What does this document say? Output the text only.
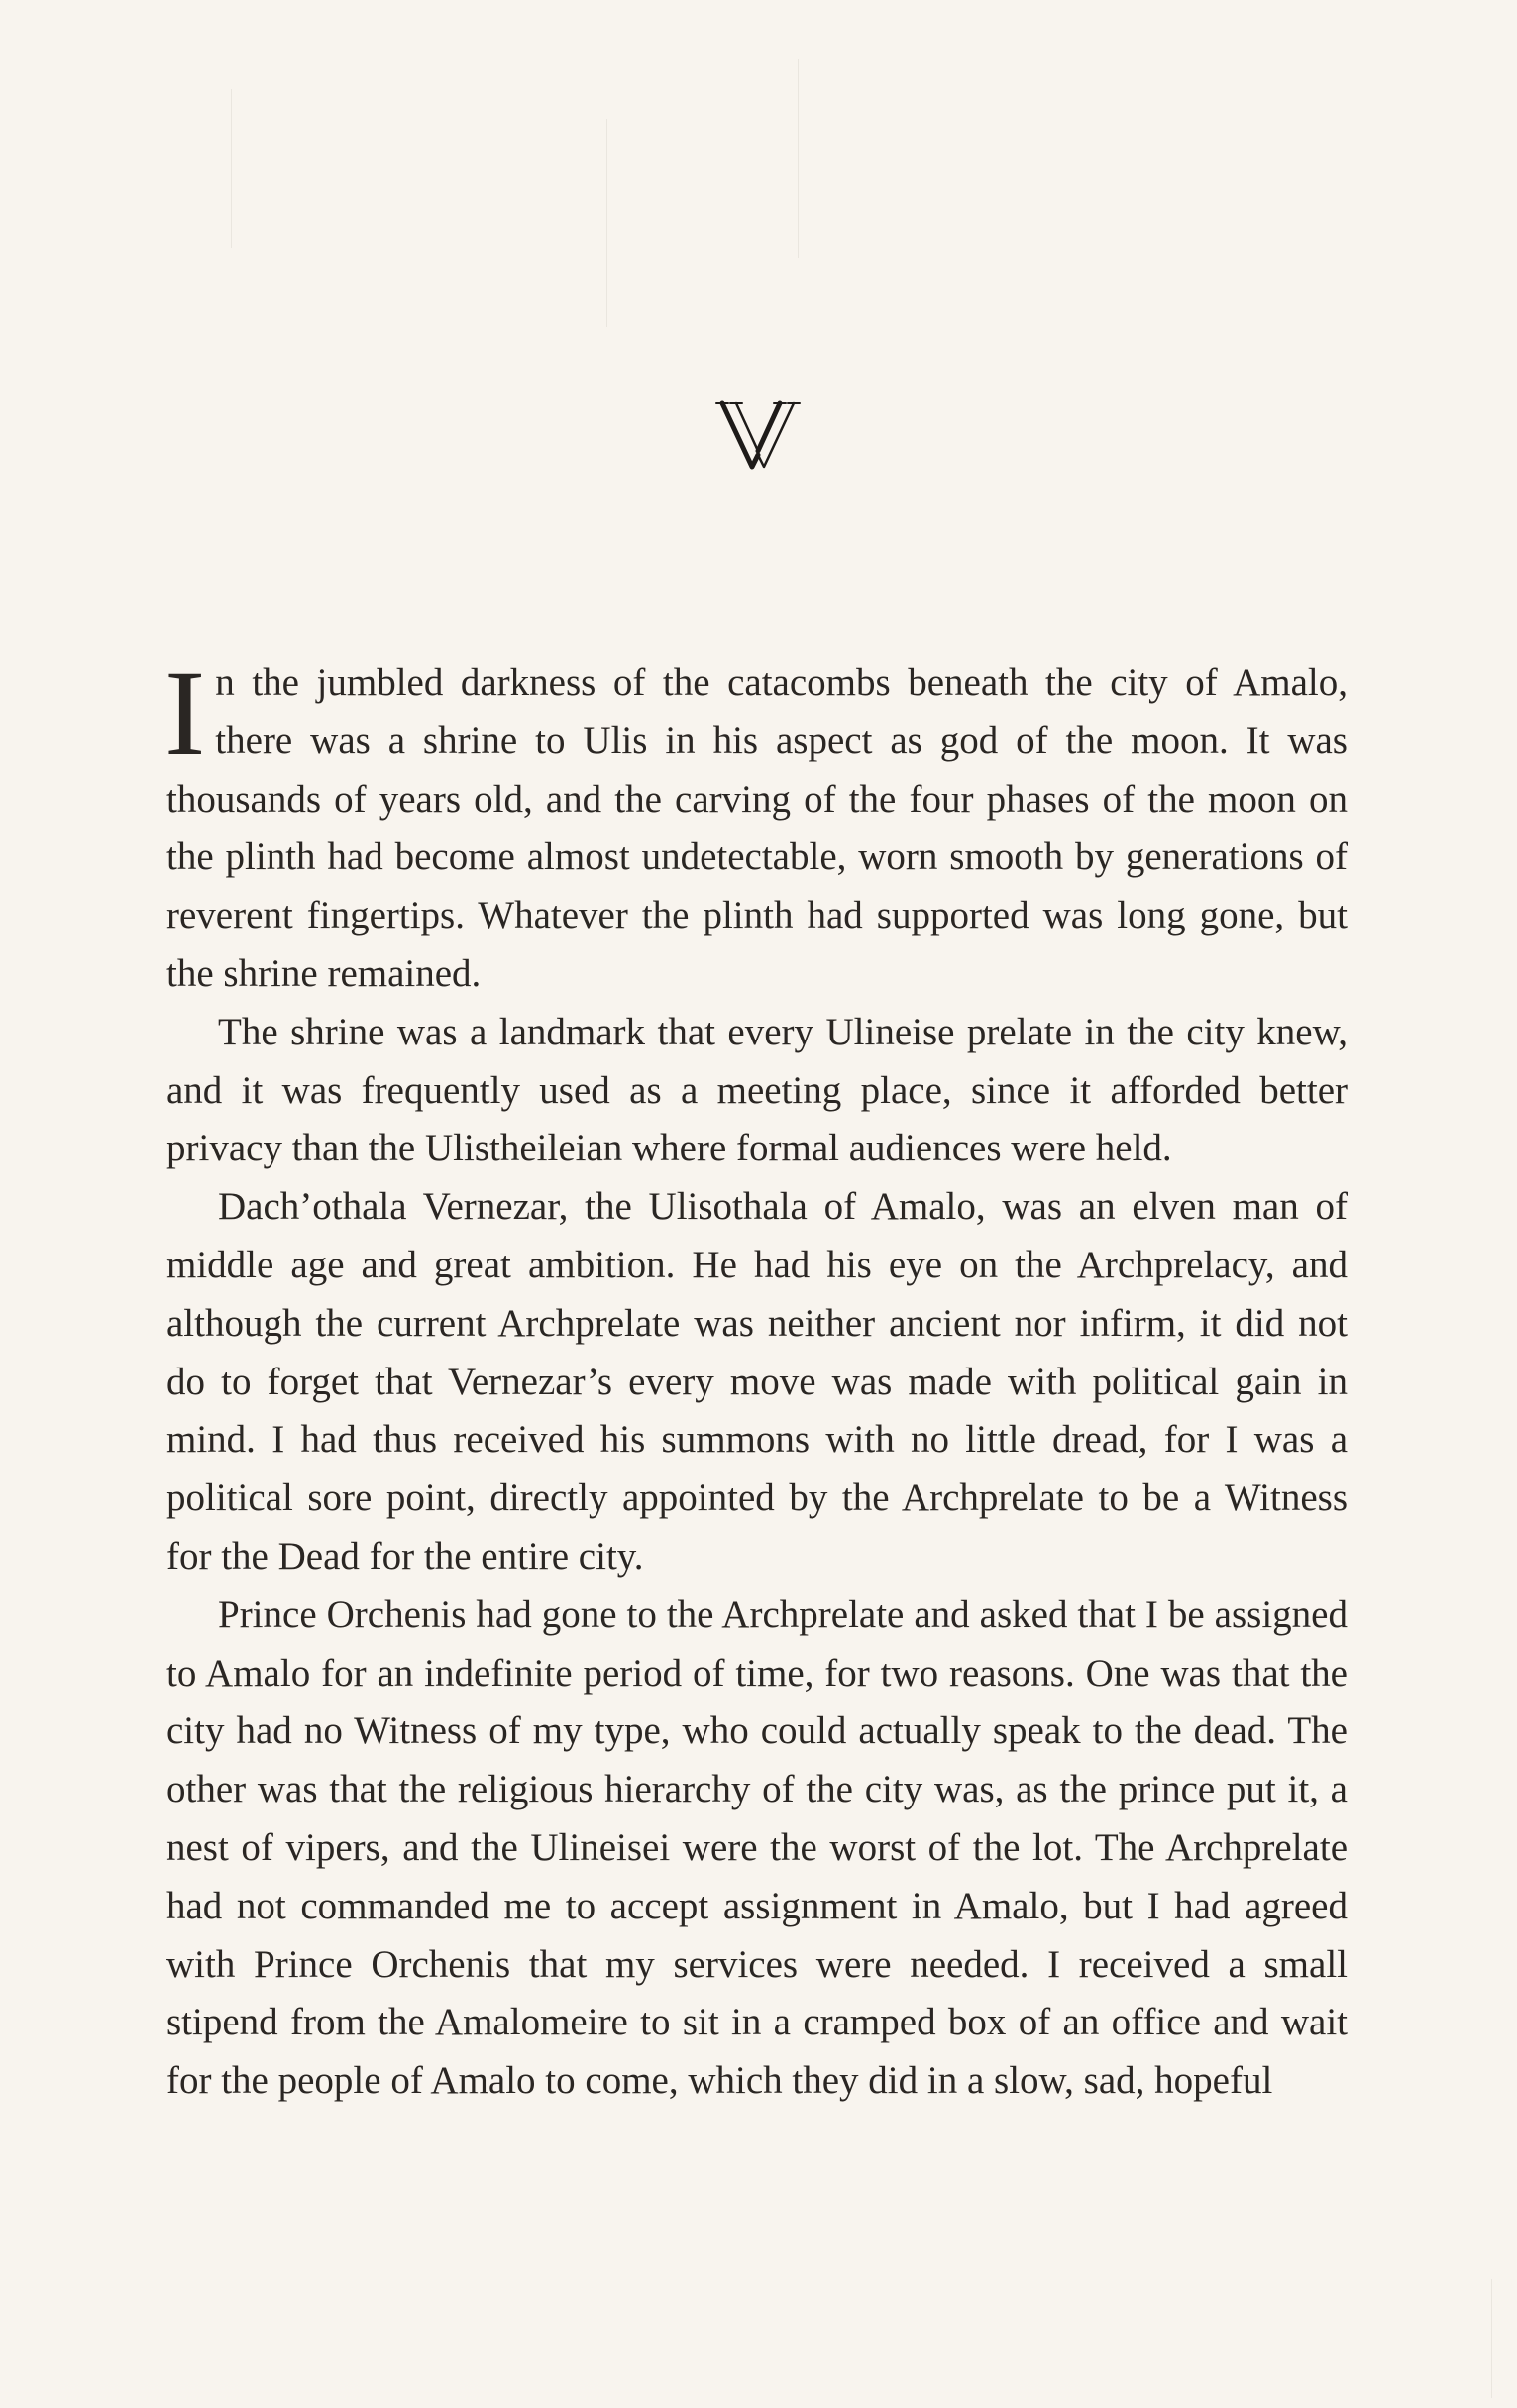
In the jumbled darkness of the catacombs beneath the city of Amalo, there was a shrine to Ulis in his aspect as god of the moon. It was thousands of years old, and the carving of the four phases of the moon on the plinth had become almost undetectable, worn smooth by generations of reverent fingertips. Whatever the plinth had supported was long gone, but the shrine remained.

The shrine was a landmark that every Ulineise prelate in the city knew, and it was frequently used as a meeting place, since it afforded better privacy than the Ulistheileian where formal audiences were held.

Dach’othala Vernezar, the Ulisothala of Amalo, was an elven man of middle age and great ambition. He had his eye on the Archprelacy, and although the current Archprelate was neither ancient nor infirm, it did not do to forget that Vernezar’s every move was made with political gain in mind. I had thus received his summons with no little dread, for I was a political sore point, directly appointed by the Archprelate to be a Witness for the Dead for the entire city.

Prince Orchenis had gone to the Archprelate and asked that I be assigned to Amalo for an indefinite period of time, for two reasons. One was that the city had no Witness of my type, who could actually speak to the dead. The other was that the religious hierarchy of the city was, as the prince put it, a nest of vipers, and the Ulineisei were the worst of the lot. The Archprelate had not commanded me to accept assignment in Amalo, but I had agreed with Prince Orchenis that my services were needed. I received a small stipend from the Amalomeire to sit in a cramped box of an office and wait for the people of Amalo to come, which they did in a slow, sad, hopeful
